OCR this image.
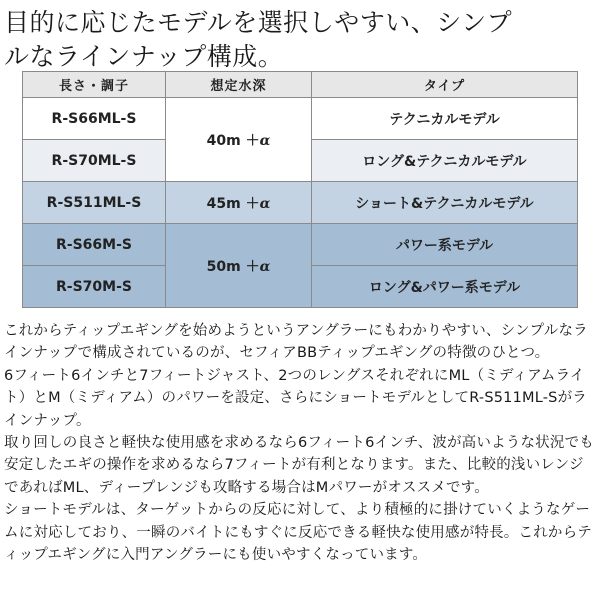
目的に応じたモデルを選択しやすい、シンプ
ルなラインナップ構成。
長さ・調子	想定水深	タイプ
R-S66ML-S	40m ＋α	テクニカルモデル
R-S70ML-S		ロング&テクニカルモデル
R-S511ML-S	45m ＋α	ショート&テクニカルモデル
R-S66M-S	50m ＋α	パワー系モデル
R-S70M-S		ロング&パワー系モデル

これからティップエギングを始めようというアングラーにもわかりやすい、シンプルなラインナップで構成されているのが、セフィアBBティップエギングの特徴のひとつ。

6フィート6インチと7フィートジャスト、2つのレングスそれぞれにML（ミディアムライト）とM（ミディアム）のパワーを設定、さらにショートモデルとしてR-S511ML-Sがラインナップ。

取り回しの良さと軽快な使用感を求めるなら6フィート6インチ、波が高いような状況でも安定したエギの操作を求めるなら7フィートが有利となります。また、比較的浅いレンジであればML、ディープレンジも攻略する場合はMパワーがオススメです。

ショートモデルは、ターゲットからの反応に対して、より積極的に掛けていくようなゲームに対応しており、一瞬のバイトにもすぐに反応できる軽快な使用感が特長。これからティップエギングに入門アングラーにも使いやすくなっています。
